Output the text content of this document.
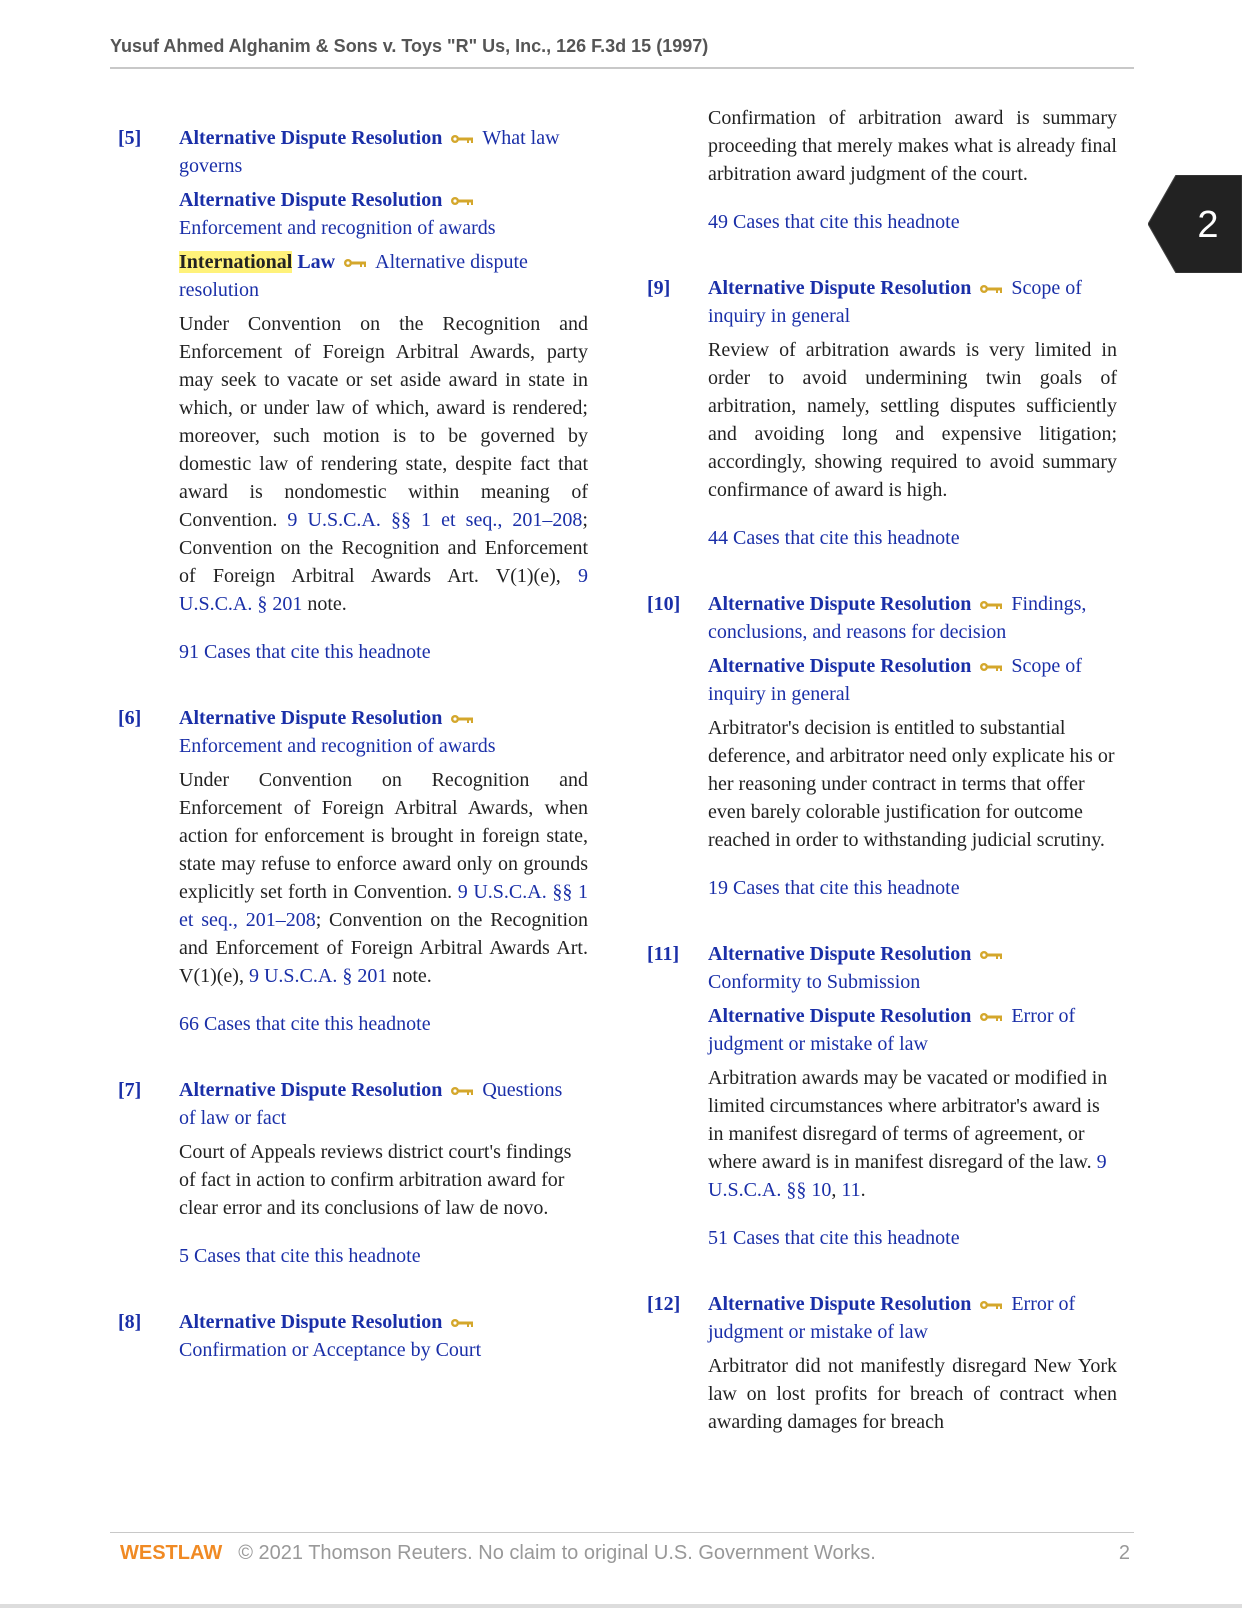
Yusuf Ahmed Alghanim & Sons v. Toys "R" Us, Inc., 126 F.3d 15 (1997)
[5] Alternative Dispute Resolution What law governs
Alternative Dispute Resolution
Enforcement and recognition of awards
International Law Alternative dispute resolution

Under Convention on the Recognition and Enforcement of Foreign Arbitral Awards, party may seek to vacate or set aside award in state in which, or under law of which, award is rendered; moreover, such motion is to be governed by domestic law of rendering state, despite fact that award is nondomestic within meaning of Convention. 9 U.S.C.A. §§ 1 et seq., 201–208; Convention on the Recognition and Enforcement of Foreign Arbitral Awards Art. V(1)(e), 9 U.S.C.A. § 201 note.

91 Cases that cite this headnote
[6] Alternative Dispute Resolution
Enforcement and recognition of awards

Under Convention on Recognition and Enforcement of Foreign Arbitral Awards, when action for enforcement is brought in foreign state, state may refuse to enforce award only on grounds explicitly set forth in Convention. 9 U.S.C.A. §§ 1 et seq., 201–208; Convention on the Recognition and Enforcement of Foreign Arbitral Awards Art. V(1)(e), 9 U.S.C.A. § 201 note.

66 Cases that cite this headnote
[7] Alternative Dispute Resolution Questions of law or fact

Court of Appeals reviews district court's findings of fact in action to confirm arbitration award for clear error and its conclusions of law de novo.

5 Cases that cite this headnote
[8] Alternative Dispute Resolution
Confirmation or Acceptance by Court

Confirmation of arbitration award is summary proceeding that merely makes what is already final arbitration award judgment of the court.

49 Cases that cite this headnote
[9] Alternative Dispute Resolution Scope of inquiry in general

Review of arbitration awards is very limited in order to avoid undermining twin goals of arbitration, namely, settling disputes sufficiently and avoiding long and expensive litigation; accordingly, showing required to avoid summary confirmance of award is high.

44 Cases that cite this headnote
[10] Alternative Dispute Resolution Findings, conclusions, and reasons for decision
Alternative Dispute Resolution Scope of inquiry in general

Arbitrator's decision is entitled to substantial deference, and arbitrator need only explicate his or her reasoning under contract in terms that offer even barely colorable justification for outcome reached in order to withstanding judicial scrutiny.

19 Cases that cite this headnote
[11] Alternative Dispute Resolution
Conformity to Submission
Alternative Dispute Resolution Error of judgment or mistake of law

Arbitration awards may be vacated or modified in limited circumstances where arbitrator's award is in manifest disregard of terms of agreement, or where award is in manifest disregard of the law. 9 U.S.C.A. §§ 10, 11.

51 Cases that cite this headnote
[12] Alternative Dispute Resolution Error of judgment or mistake of law

Arbitrator did not manifestly disregard New York law on lost profits for breach of contract when awarding damages for breach

2
WESTLAW © 2021 Thomson Reuters. No claim to original U.S. Government Works.	2
